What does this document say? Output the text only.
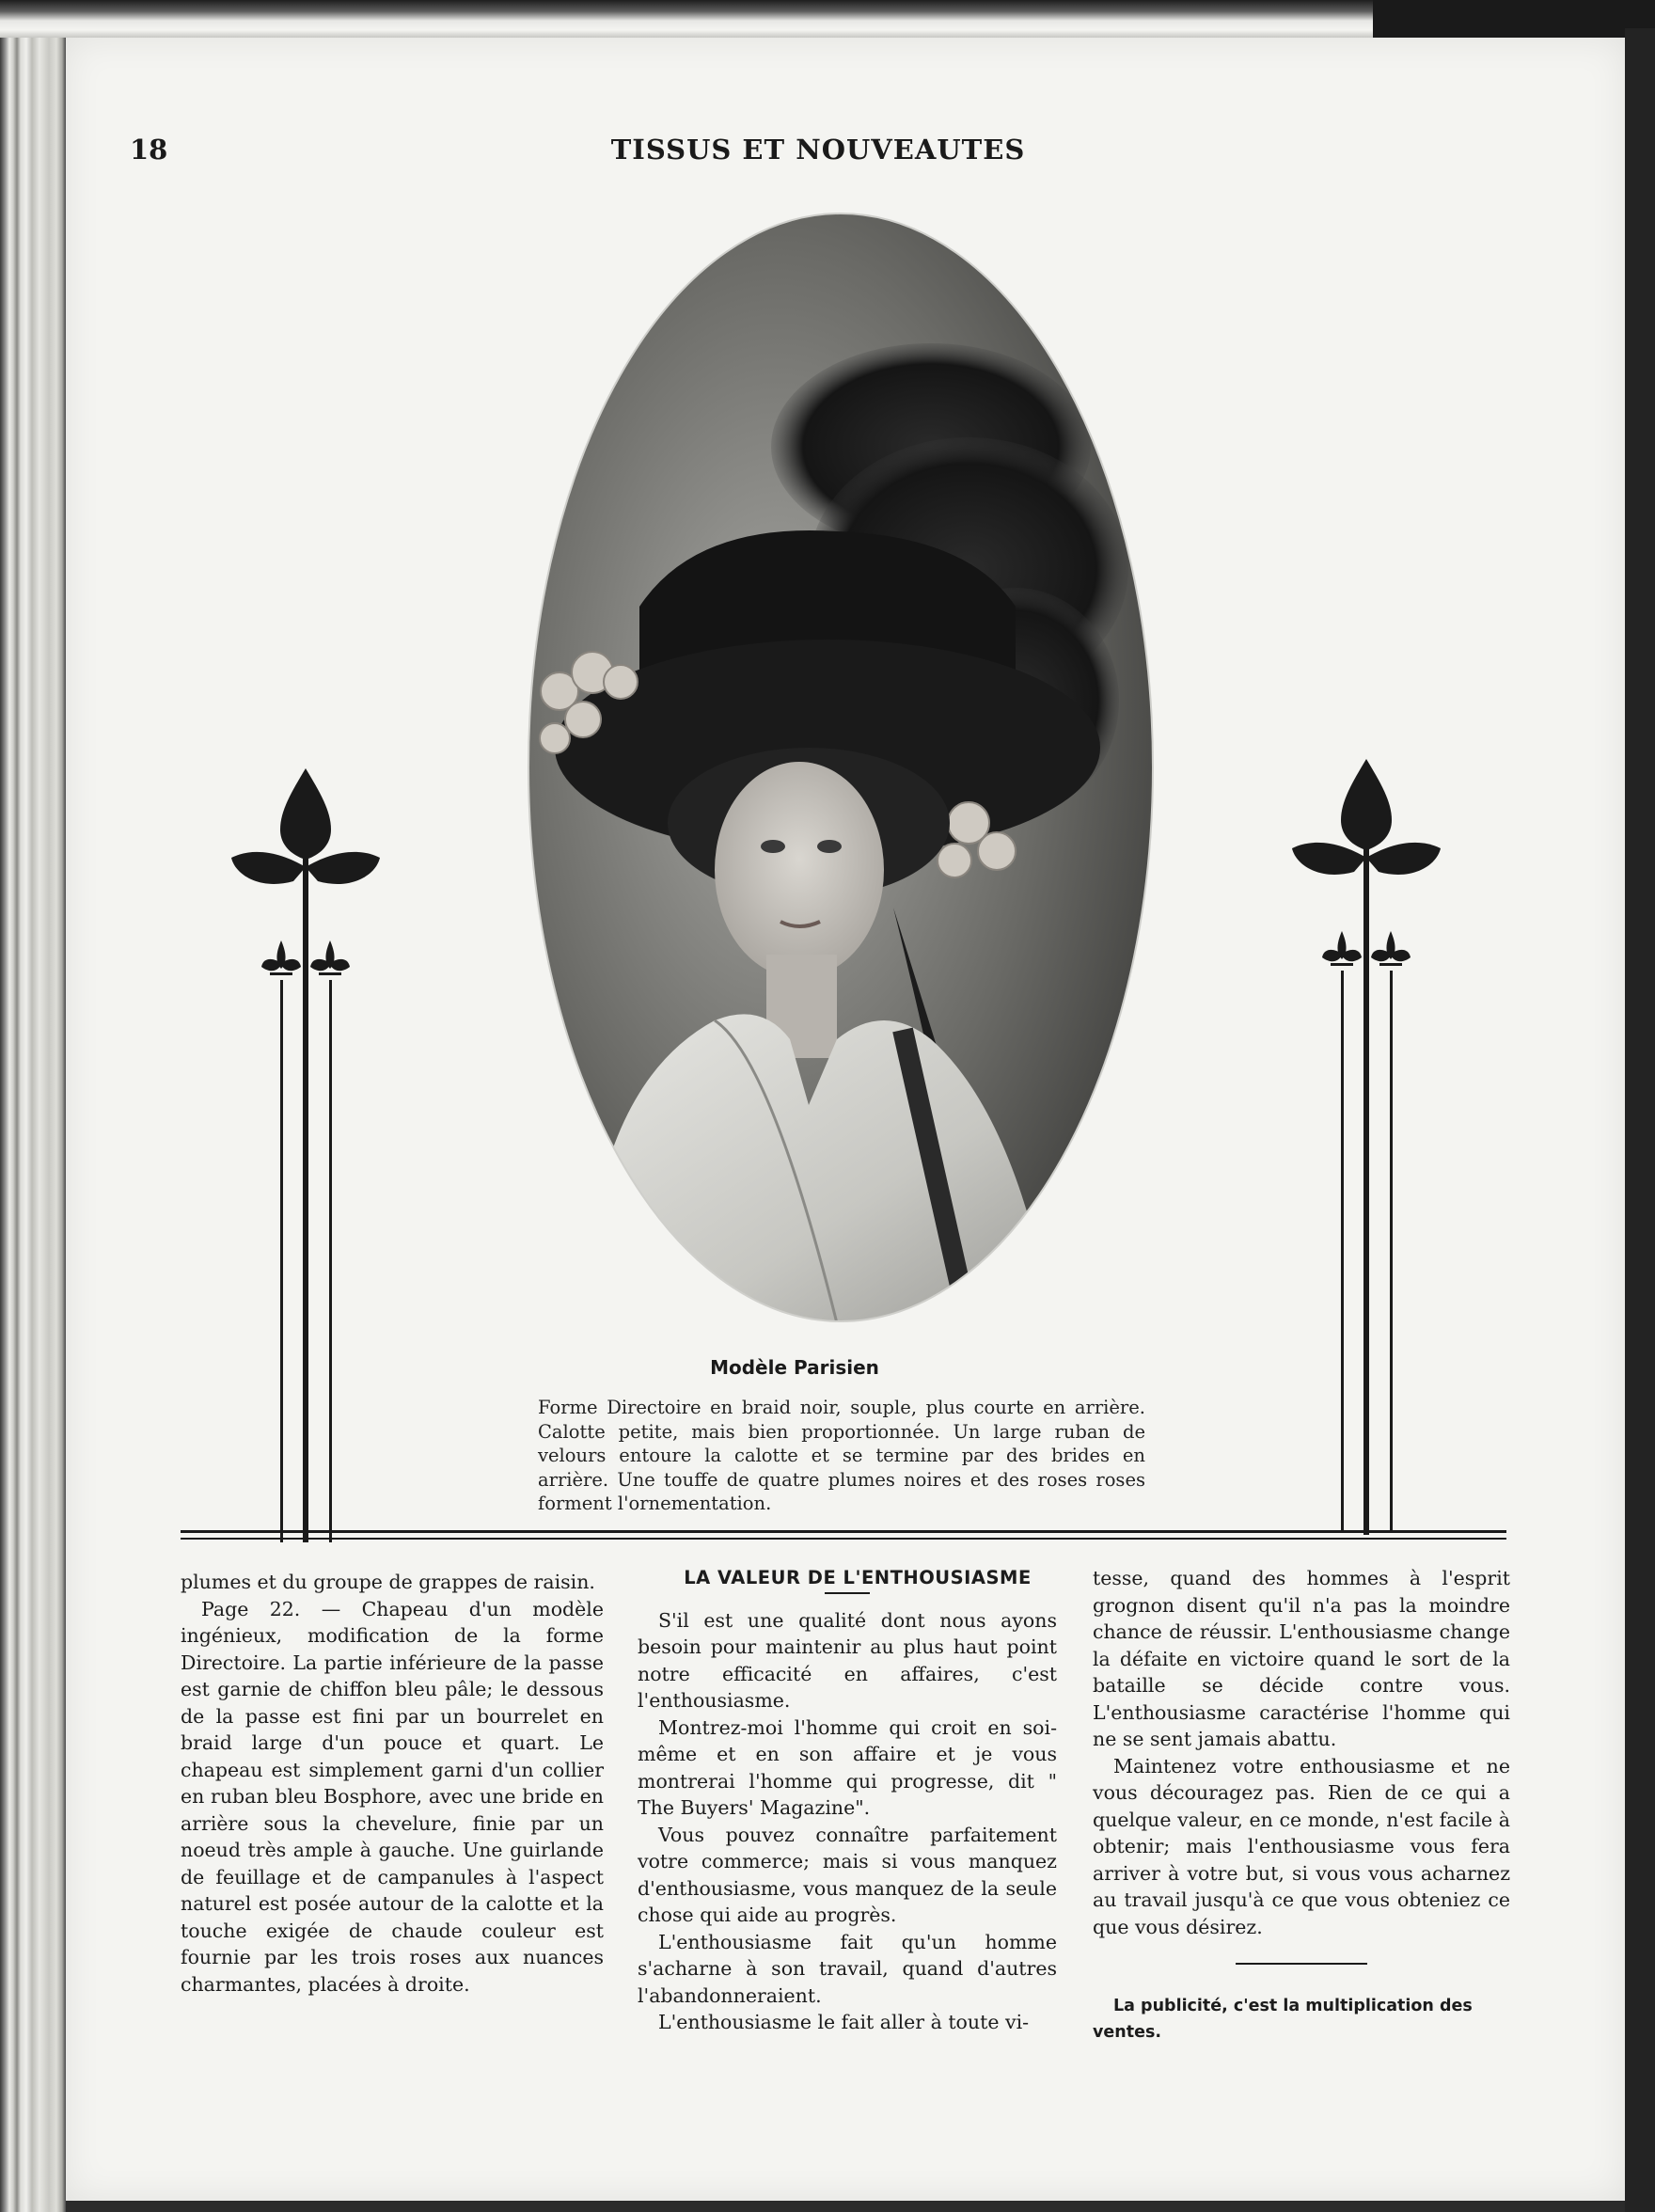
18	TISSUS ET NOUVEAUTES
Modèle Parisien
Forme Directoire en braid noir, souple, plus courte en arrière. Calotte petite, mais bien proportionnée. Un large ruban de velours entoure la calotte et se termine par des brides en arrière. Une touffe de quatre plumes noires et des roses roses forment l'ornementation.

plumes et du groupe de grappes de raisin.

Page 22. — Chapeau d'un modèle ingénieux, modification de la forme Directoire. La partie inférieure de la passe est garnie de chiffon bleu pâle; le dessous de la passe est fini par un bourrelet en braid large d'un pouce et quart. Le chapeau est simplement garni d'un collier en ruban bleu Bosphore, avec une bride en arrière sous la chevelure, finie par un noeud très ample à gauche. Une guirlande de feuillage et de campanules à l'aspect naturel est posée autour de la calotte et la touche exigée de chaude couleur est fournie par les trois roses aux nuances charmantes, placées à droite.

LA VALEUR DE L'ENTHOUSIASME

S'il est une qualité dont nous ayons besoin pour maintenir au plus haut point notre efficacité en affaires, c'est l'enthousiasme.

Montrez-moi l'homme qui croit en soi-même et en son affaire et je vous montrerai l'homme qui progresse, dit " The Buyers' Magazine".

Vous pouvez connaître parfaitement votre commerce; mais si vous manquez d'enthousiasme, vous manquez de la seule chose qui aide au progrès.

L'enthousiasme fait qu'un homme s'acharne à son travail, quand d'autres l'abandonneraient.

L'enthousiasme le fait aller à toute vi-

tesse, quand des hommes à l'esprit grognon disent qu'il n'a pas la moindre chance de réussir. L'enthousiasme change la défaite en victoire quand le sort de la bataille se décide contre vous. L'enthousiasme caractérise l'homme qui ne se sent jamais abattu.

Maintenez votre enthousiasme et ne vous découragez pas. Rien de ce qui a quelque valeur, en ce monde, n'est facile à obtenir; mais l'enthousiasme vous fera arriver à votre but, si vous vous acharnez au travail jusqu'à ce que vous obteniez ce que vous désirez.

La publicité, c'est la multiplication des ventes.
